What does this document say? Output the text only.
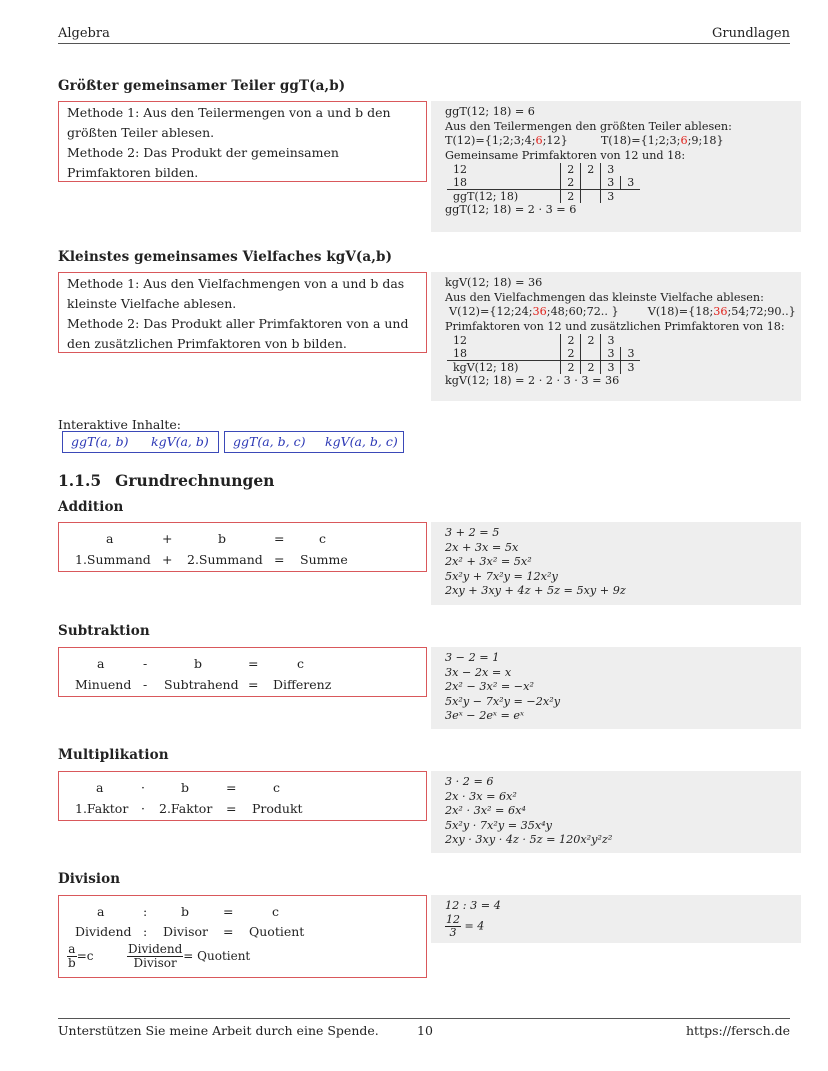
Algebra	Grundlagen
Größter gemeinsamer Teiler ggT(a,b)
Methode 1: Aus den Teilermengen von a und b den größten Teiler ablesen.
Methode 2: Das Produkt der gemeinsamen Primfaktoren bilden.
ggT(12; 18) = 6
Aus den Teilermengen den größten Teiler ablesen:
T(12)={1;2;3;4;6;12}	T(18)={1;2;3;6;9;18}
Gemeinsame Primfaktoren von 12 und 18:
12	2	2	3	
18	2		3	3
ggT(12; 18)	2		3	
ggT(12; 18) = 2 · 3 = 6
Kleinstes gemeinsames Vielfaches kgV(a,b)
Methode 1: Aus den Vielfachmengen von a und b das kleinste Vielfache ablesen.
Methode 2: Das Produkt aller Primfaktoren von a und den zusätzlichen Primfaktoren von b bilden.
kgV(12; 18) = 36
Aus den Vielfachmengen das kleinste Vielfache ablesen:
V(12)={12;24;36;48;60;72.. }	V(18)={18;36;54;72;90..}
Primfaktoren von 12 und zusätzlichen Primfaktoren von 18:
12	2	2	3	
18	2		3	3
kgV(12; 18)	2	2	3	3
kgV(12; 18) = 2 · 2 · 3 · 3 = 36
Interaktive Inhalte:
ggT(a, b) kgV(a, b) ggT(a, b, c) kgV(a, b, c)
1.1.5 Grundrechnungen
Addition
a	+	b	=	c
1.Summand + 2.Summand = Summe
3 + 2 = 5
2x + 3x = 5x
2x² + 3x² = 5x²
5x²y + 7x²y = 12x²y
2xy + 3xy + 4z + 5z = 5xy + 9z
Subtraktion
a	-	b	=	c
Minuend - Subtrahend = Differenz
3 − 2 = 1
3x − 2x = x
2x² − 3x² = −x²
5x²y − 7x²y = −2x²y
3eˣ − 2eˣ = eˣ
Multiplikation
a	·	b	=	c
1.Faktor · 2.Faktor = Produkt
3 · 2 = 6
2x · 3x = 6x²
2x² · 3x² = 6x⁴
5x²y · 7x²y = 35x⁴y
2xy · 3xy · 4z · 5z = 120x²y²z²
Division
a	:	b	=	c
Dividend : Divisor = Quotient
$\frac{a}{b} =c$	$\frac{\text{Dividend}}{\text{Divisor}}$ = Quotient
12 : 3 = 4
$\frac{12}{3} = 4$
Unterstützen Sie meine Arbeit durch eine Spende.	10	https://fersch.de
